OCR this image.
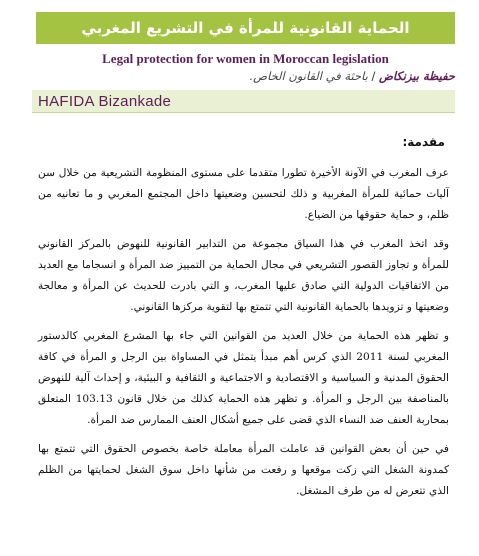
الحماية القانونية للمرأة في التشريع المغربي
Legal protection for women in Moroccan legislation
حفيظة بيزنكاض / باحثة في القانون الخاص.
HAFIDA Bizankade
مقدمة:

عرف المغرب في الآونة الأخيرة تطورا متقدما على مستوى المنظومة التشريعية من خلال سن آليات حمائية للمرأة المغربية و ذلك لتحسين وضعيتها داخل المجتمع المغربي و ما تعانيه من ظلم، و حماية حقوقها من الضياع.

وقد اتخذ المغرب في هذا السياق مجموعة من التدابير القانونية للنهوض بالمركز القانوني للمرأة و تجاوز القصور التشريعي في مجال الحماية من التمييز ضد المرأة و انسجاما مع العديد من الاتفاقيات الدولية التي صادق عليها المغرب، و التي بادرت للحديث عن المرأة و معالجة وضعيتها و تزويدها بالحماية القانونية التي تتمتع بها لتقوية مركزها القانوني.

و تظهر هذه الحماية من خلال العديد من القوانين التي جاء بها المشرع المغربي كالدستور المغربي لسنة 2011 الذي كرس أهم مبدأ يتمثل في المساواة بين الرجل و المرأة في كافة الحقوق المدنية و السياسية و الاقتصادية و الاجتماعية و الثقافية و البيئية، و إحداث آلية للنهوض بالمناصفة بين الرجل و المرأة. و تظهر هذه الحماية كذلك من خلال قانون 103.13 المتعلق بمحاربة العنف ضد النساء الذي قضى على جميع أشكال العنف الممارس ضد المرأة.

في حين أن بعض القوانين قد عاملت المرأة معاملة خاصة بخصوص الحقوق التي تتمتع بها كمدونة الشغل التي زكت موقعها و رفعت من شأنها داخل سوق الشغل لحمايتها من الظلم الذي تتعرض له من طرف المشغل.
